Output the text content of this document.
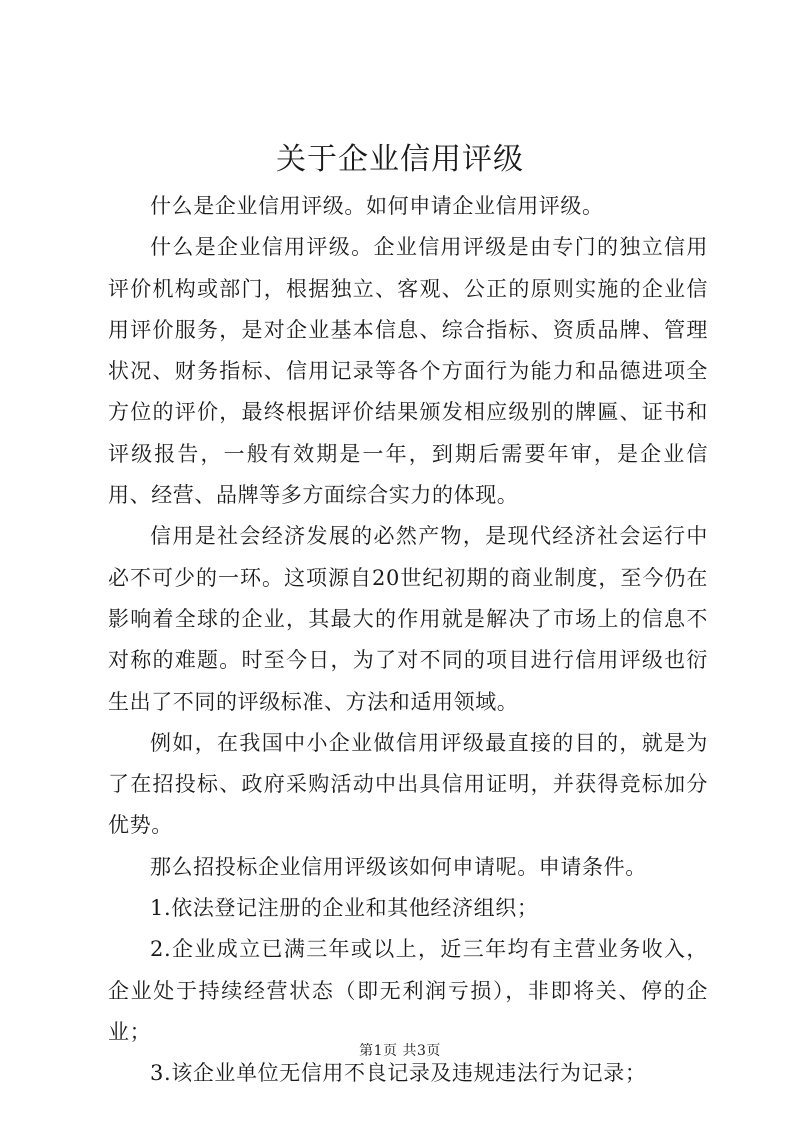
关于企业信用评级

什么是企业信用评级。如何申请企业信用评级。

什么是企业信用评级。企业信用评级是由专门的独立信用评价机构或部门，根据独立、客观、公正的原则实施的企业信用评价服务，是对企业基本信息、综合指标、资质品牌、管理状况、财务指标、信用记录等各个方面行为能力和品德进项全方位的评价，最终根据评价结果颁发相应级别的牌匾、证书和评级报告，一般有效期是一年，到期后需要年审，是企业信用、经营、品牌等多方面综合实力的体现。

信用是社会经济发展的必然产物，是现代经济社会运行中必不可少的一环。这项源自20世纪初期的商业制度，至今仍在影响着全球的企业，其最大的作用就是解决了市场上的信息不对称的难题。时至今日，为了对不同的项目进行信用评级也衍生出了不同的评级标准、方法和适用领域。

例如，在我国中小企业做信用评级最直接的目的，就是为了在招投标、政府采购活动中出具信用证明，并获得竞标加分优势。

那么招投标企业信用评级该如何申请呢。申请条件。

1.依法登记注册的企业和其他经济组织；

2.企业成立已满三年或以上，近三年均有主营业务收入，企业处于持续经营状态（即无利润亏损），非即将关、停的企业；

3.该企业单位无信用不良记录及违规违法行为记录；

第1页 共3页
